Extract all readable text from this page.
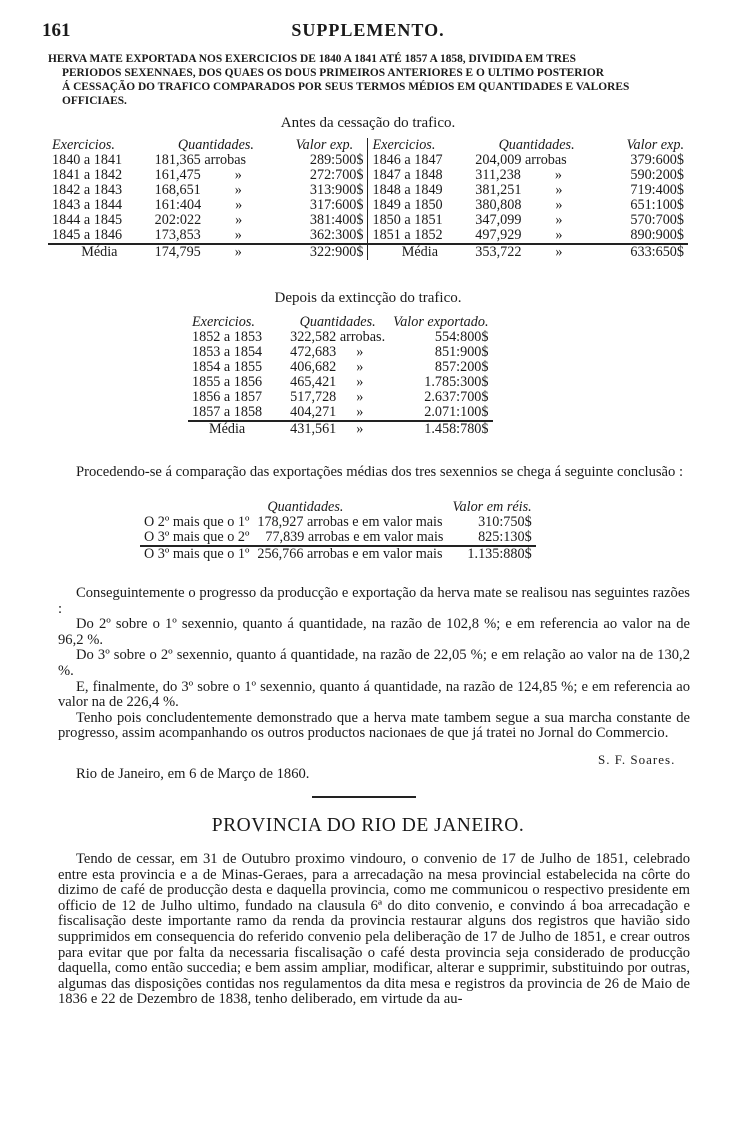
161	SUPPLEMENTO.
HERVA MATE EXPORTADA NOS EXERCICIOS DE 1840 A 1841 ATÉ 1857 A 1858, DIVIDIDA EM TRES
PERIODOS SEXENNAES, DOS QUAES OS DOUS PRIMEIROS ANTERIORES E O ULTIMO POSTERIOR
Á CESSAÇÃO DO TRAFICO COMPARADOS POR SEUS TERMOS MÉDIOS EM QUANTIDADES E VALORES
OFFICIAES.
Antes da cessação do trafico.
Exercicios.	Quantidades.	Valor exp.	Exercicios.	Quantidades.	Valor exp.
1840 a 1841	181,365 arrobas	289:500$	1846 a 1847	204,009 arrobas	379:600$
1841 a 1842	161,475 »	272:700$	1847 a 1848	311,238 »	590:200$
1842 a 1843	168,651 »	313:900$	1848 a 1849	381,251 »	719:400$
1843 a 1844	161:404 »	317:600$	1849 a 1850	380,808 »	651:100$
1844 a 1845	202:022 »	381:400$	1850 a 1851	347,099 »	570:700$
1845 a 1846	173,853 »	362:300$	1851 a 1852	497,929 »	890:900$
Média	174,795 »	322:900$	Média	353,722 »	633:650$
Depois da extincção do trafico.
Exercicios.	Quantidades.	Valor exportado.
1852 a 1853	322,582 arrobas.	554:800$
1853 a 1854	472,683 »	851:900$
1854 a 1855	406,682 »	857:200$
1855 a 1856	465,421 »	1.785:300$
1856 a 1857	517,728 »	2.637:700$
1857 a 1858	404,271 »	2.071:100$
Média	431,561 »	1.458:780$

Procedendo-se á comparação das exportações médias dos tres sexennios se chega á seguinte conclusão :

	Quantidades.	Valor em réis.
O 2º mais que o 1º	178,927 arrobas e em valor mais	310:750$
O 3º mais que o 2º	77,839 arrobas e em valor mais	825:130$
O 3º mais que o 1º	256,766 arrobas e em valor mais	1.135:880$

Conseguintemente o progresso da producção e exportação da herva mate se realisou nas seguintes razões :

Do 2º sobre o 1º sexennio, quanto á quantidade, na razão de 102,8 %; e em referencia ao valor na de 96,2 %.

Do 3º sobre o 2º sexennio, quanto á quantidade, na razão de 22,05 %; e em relação ao valor na de 130,2 %.

E, finalmente, do 3º sobre o 1º sexennio, quanto á quantidade, na razão de 124,85 %; e em referencia ao valor na de 226,4 %.

Tenho pois concludentemente demonstrado que a herva mate tambem segue a sua marcha constante de progresso, assim acompanhando os outros productos nacionaes de que já tratei no Jornal do Commercio.

S. F. Soares.
Rio de Janeiro, em 6 de Março de 1860.
PROVINCIA DO RIO DE JANEIRO.

Tendo de cessar, em 31 de Outubro proximo vindouro, o convenio de 17 de Julho de 1851, celebrado entre esta provincia e a de Minas-Geraes, para a arrecadação na mesa provincial estabelecida na côrte do dizimo de café de producção desta e daquella provincia, como me communicou o respectivo presidente em officio de 12 de Julho ultimo, fundado na clausula 6ª do dito convenio, e convindo á boa arrecadação e fiscalisação deste importante ramo da renda da provincia restaurar alguns dos registros que havião sido supprimidos em consequencia do referido convenio pela deliberação de 17 de Julho de 1851, e crear outros para evitar que por falta da necessaria fiscalisação o café desta provincia seja considerado de producção daquella, como então succedia; e bem assim ampliar, modificar, alterar e supprimir, substituindo por outras, algumas das disposições contidas nos regulamentos da dita mesa e registros da provincia de 26 de Maio de 1836 e 22 de Dezembro de 1838, tenho deliberado, em virtude da au-
